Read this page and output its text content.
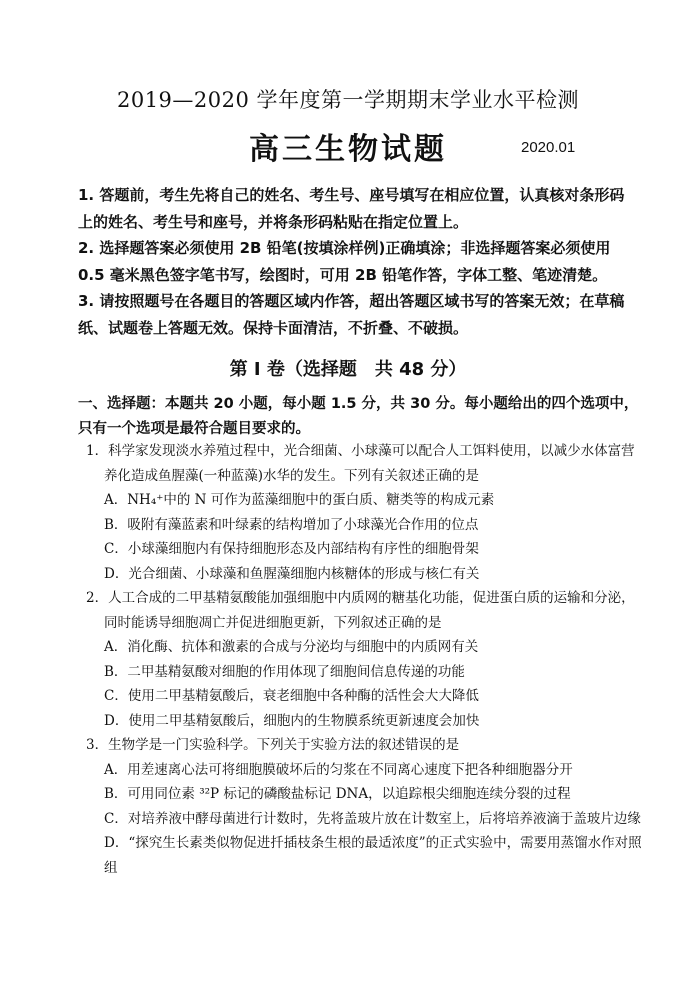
2019—2020 学年度第一学期期末学业水平检测
高三生物试题	2020.01

1. 答题前，考生先将自己的姓名、考生号、座号填写在相应位置，认真核对条形码上的姓名、考生号和座号，并将条形码粘贴在指定位置上。

2. 选择题答案必须使用 2B 铅笔(按填涂样例)正确填涂；非选择题答案必须使用 0.5 毫米黑色签字笔书写，绘图时，可用 2B 铅笔作答，字体工整、笔迹清楚。

3. 请按照题号在各题目的答题区域内作答，超出答题区域书写的答案无效；在草稿纸、试题卷上答题无效。保持卡面清洁，不折叠、不破损。

第 I 卷（选择题　共 48 分）
一、选择题：本题共 20 小题，每小题 1.5 分，共 30 分。每小题给出的四个选项中，只有一个选项是最符合题目要求的。

1．科学家发现淡水养殖过程中，光合细菌、小球藻可以配合人工饵料使用，以减少水体富营养化造成鱼腥藻(一种蓝藻)水华的发生。下列有关叙述正确的是

A．NH₄⁺中的 N 可作为蓝藻细胞中的蛋白质、糖类等的构成元素

B．吸附有藻蓝素和叶绿素的结构增加了小球藻光合作用的位点

C．小球藻细胞内有保持细胞形态及内部结构有序性的细胞骨架

D．光合细菌、小球藻和鱼腥藻细胞内核糖体的形成与核仁有关

2．人工合成的二甲基精氨酸能加强细胞中内质网的糖基化功能，促进蛋白质的运输和分泌，同时能诱导细胞凋亡并促进细胞更新，下列叙述正确的是

A．消化酶、抗体和激素的合成与分泌均与细胞中的内质网有关

B．二甲基精氨酸对细胞的作用体现了细胞间信息传递的功能

C．使用二甲基精氨酸后，衰老细胞中各种酶的活性会大大降低

D．使用二甲基精氨酸后，细胞内的生物膜系统更新速度会加快

3．生物学是一门实验科学。下列关于实验方法的叙述错误的是

A．用差速离心法可将细胞膜破坏后的匀浆在不同离心速度下把各种细胞器分开

B．可用同位素 ³²P 标记的磷酸盐标记 DNA，以追踪根尖细胞连续分裂的过程

C．对培养液中酵母菌进行计数时，先将盖玻片放在计数室上，后将培养液滴于盖玻片边缘

D．“探究生长素类似物促进扦插枝条生根的最适浓度”的正式实验中，需要用蒸馏水作对照组
